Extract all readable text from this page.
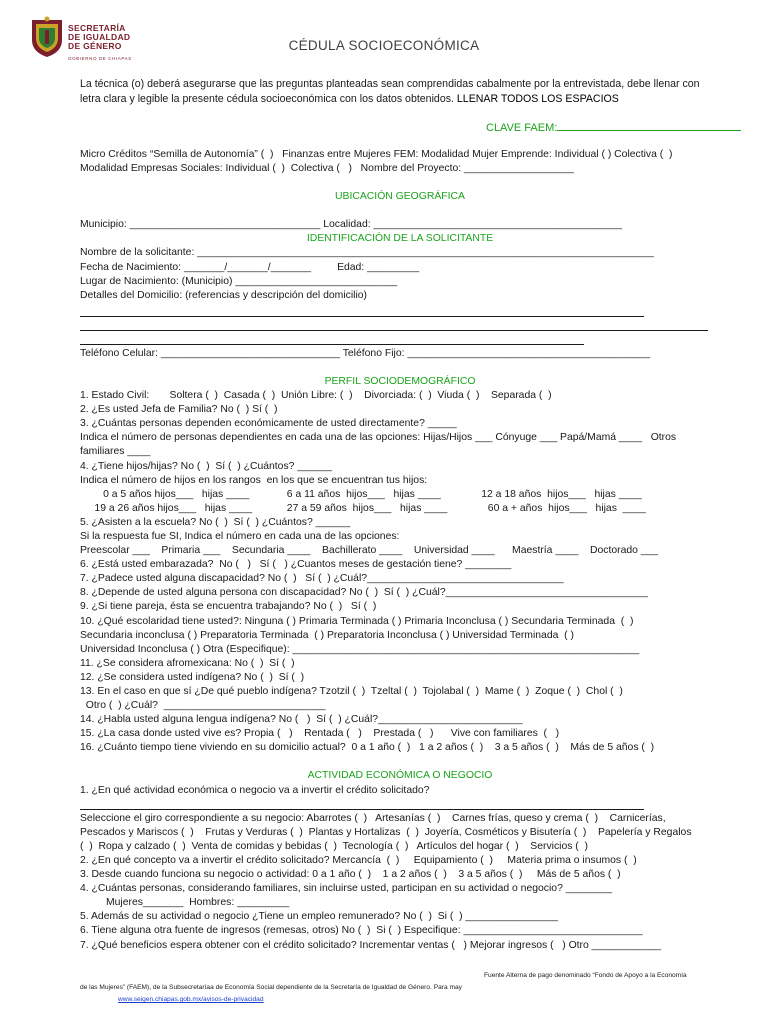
SECRETARÍA
DE IGUALDAD DE GÉNERO
GOBIERNO DE CHIAPAS
CÉDULA SOCIOECONÓMICA
La técnica (o) deberá asegurarse que las preguntas planteadas sean comprendidas cabalmente por la entrevistada, debe llenar con letra clara y legible la presente cédula socioeconómica con los datos obtenidos. LLENAR TODOS LOS ESPACIOS
CLAVE FAEM:
Micro Créditos “Semilla de Autonomía” (  )   Finanzas entre Mujeres FEM: Modalidad Mujer Emprende: Individual ( ) Colectiva (  )
Modalidad Empresas Sociales: Individual (  )  Colectiva (   )   Nombre del Proyecto: ___________________
UBICACIÓN GEOGRÁFICA
Municipio: _________________________________ Localidad: ___________________________________________
IDENTIFICACIÓN DE LA SOLICITANTE
Nombre de la solicitante: _______________________________________________________________________________
Fecha de Nacimiento: _______/_______/_______         Edad: _________
Lugar de Nacimiento: (Municipio) ____________________________
Detalles del Domicilio: (referencias y descripción del domicilio)
Teléfono Celular: _______________________________ Teléfono Fijo: __________________________________________
PERFIL SOCIODEMOGRÁFICO
1. Estado Civil:       Soltera (  )  Casada (  )  Unión Libre: (  )    Divorciada: (  )  Viuda (  )    Separada (  )
2. ¿Es usted Jefa de Familia? No (  ) Sí (  )
3. ¿Cuántas personas dependen económicamente de usted directamente? _____
Indica el número de personas dependientes en cada una de las opciones: Hijas/Hijos ___ Cónyuge ___ Papá/Mamá ____   Otros
familiares ____
4. ¿Tiene hijos/hijas? No (  )  Sí (  ) ¿Cuántos? ______
Indica el número de hijos en los rangos  en los que se encuentran tus hijos:
0 a 5 años hijos___   hijas ____             6 a 11 años  hijos___   hijas ____              12 a 18 años  hijos___   hijas ____
19 a 26 años hijos___   hijas ____            27 a 59 años  hijos___   hijas ____              60 a + años  hijos___   hijas  ____
5. ¿Asisten a la escuela? No (  )  Sí (  ) ¿Cuántos? ______
Si la respuesta fue SI, Indica el número en cada una de las opciones:
Preescolar ___    Primaria ___    Secundaria ____    Bachillerato ____    Universidad ____      Maestría ____    Doctorado ___
6. ¿Está usted embarazada?  No (   )   Sí (   ) ¿Cuantos meses de gestación tiene? ________
7. ¿Padece usted alguna discapacidad? No (  )   Sí (  ) ¿Cuál?__________________________________
8. ¿Depende de usted alguna persona con discapacidad? No (  )  Sí (  ) ¿Cuál?___________________________________
9. ¿Si tiene pareja, ésta se encuentra trabajando? No (  )   Sí (  )
10. ¿Qué escolaridad tiene usted?: Ninguna ( ) Primaria Terminada ( ) Primaria Inconclusa ( ) Secundaria Terminada  (  )
Secundaria inconclusa ( ) Preparatoria Terminada  ( ) Preparatoria Inconclusa ( ) Universidad Terminada  ( )
Universidad Inconclusa ( ) Otra (Especifique): ____________________________________________________________
11. ¿Se considera afromexicana: No (  )  Sí (  )
12. ¿Se considera usted indígena? No (  )  Sí (  )
13. En el caso en que sí ¿De qué pueblo indígena? Tzotzil (  )  Tzeltal (  )  Tojolabal (  )  Mame (  )  Zoque (  )  Chol (  )
Otro (  ) ¿Cuál?  ____________________________
14. ¿Habla usted alguna lengua indígena? No (   )  Sí (  ) ¿Cuál?_________________________
15. ¿La casa donde usted vive es? Propia (   )    Rentada (   )    Prestada (   )      Vive con familiares  (   )
16. ¿Cuánto tiempo tiene viviendo en su domicilio actual?  0 a 1 año (  )   1 a 2 años (  )    3 a 5 años (  )    Más de 5 años (  )
ACTIVIDAD ECONÓMICA O NEGOCIO
1. ¿En qué actividad económica o negocio va a invertir el crédito solicitado?
Seleccione el giro correspondiente a su negocio: Abarrotes (  )   Artesanías (  )    Carnes frías, queso y crema (  )    Carnicerías,
Pescados y Mariscos (  )    Frutas y Verduras (  )  Plantas y Hortalizas  (  )  Joyería, Cosméticos y Bisutería (  )    Papelería y Regalos
(  )  Ropa y calzado (  )  Venta de comidas y bebidas (  )  Tecnología (  )   Artículos del hogar (  )    Servicios (  )
2. ¿En qué concepto va a invertir el crédito solicitado? Mercancía  (  )     Equipamiento (  )     Materia prima o insumos (  )
3. Desde cuando funciona su negocio o actividad: 0 a 1 año (  )    1 a 2 años (  )    3 a 5 años (  )     Más de 5 años (  )
4. ¿Cuántas personas, considerando familiares, sin incluirse usted, participan en su actividad o negocio? ________
Mujeres_______  Hombres: _________
5. Además de su actividad o negocio ¿Tiene un empleo remunerado? No (  )  Si (  ) ________________
6. Tiene alguna otra fuente de ingresos (remesas, otros) No (  )  Si (  ) Especifique: _______________________________
7. ¿Qué beneficios espera obtener con el crédito solicitado? Incrementar ventas (   ) Mejorar ingresos (   ) Otro ____________
Fuente Alterna de pago denominado “Fondo de Apoyo a la Economía
de las Mujeres” (FAEM), de la Subsecretaríaa de Economía Social dependiente de la Secretaría de Igualdad de Género. Para may
www.seigen.chiapas.gob.mx/avisos-de-privacidad
